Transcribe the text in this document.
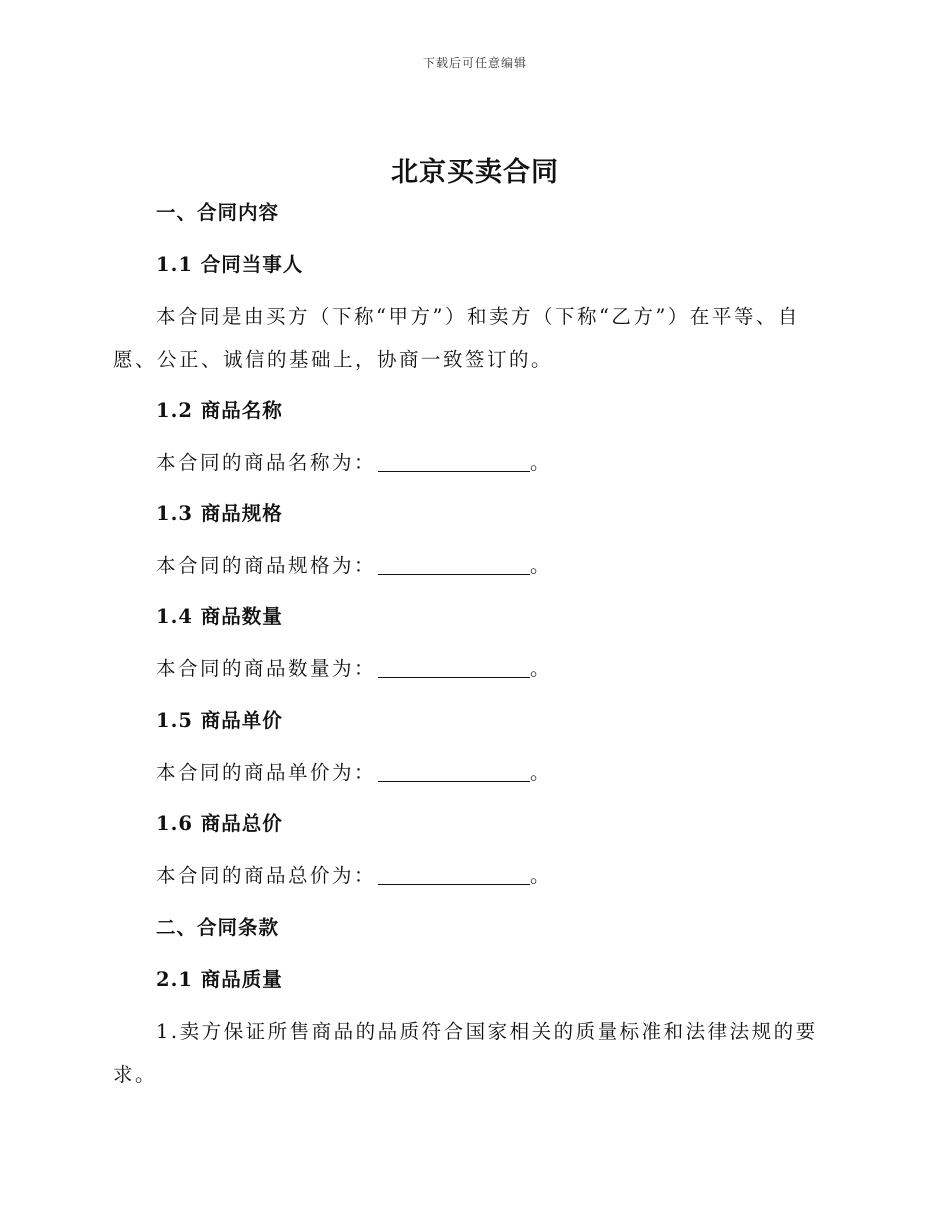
下载后可任意编辑
北京买卖合同

一、合同内容

1.1 合同当事人

本合同是由买方（下称“甲方”）和卖方（下称“乙方”）在平等、自

愿、公正、诚信的基础上，协商一致签订的。

1.2 商品名称

本合同的商品名称为：	。

1.3 商品规格

本合同的商品规格为：	。

1.4 商品数量

本合同的商品数量为：	。

1.5 商品单价

本合同的商品单价为：	。

1.6 商品总价

本合同的商品总价为：	。

二、合同条款

2.1 商品质量

1.卖方保证所售商品的品质符合国家相关的质量标准和法律法规的要

求。
